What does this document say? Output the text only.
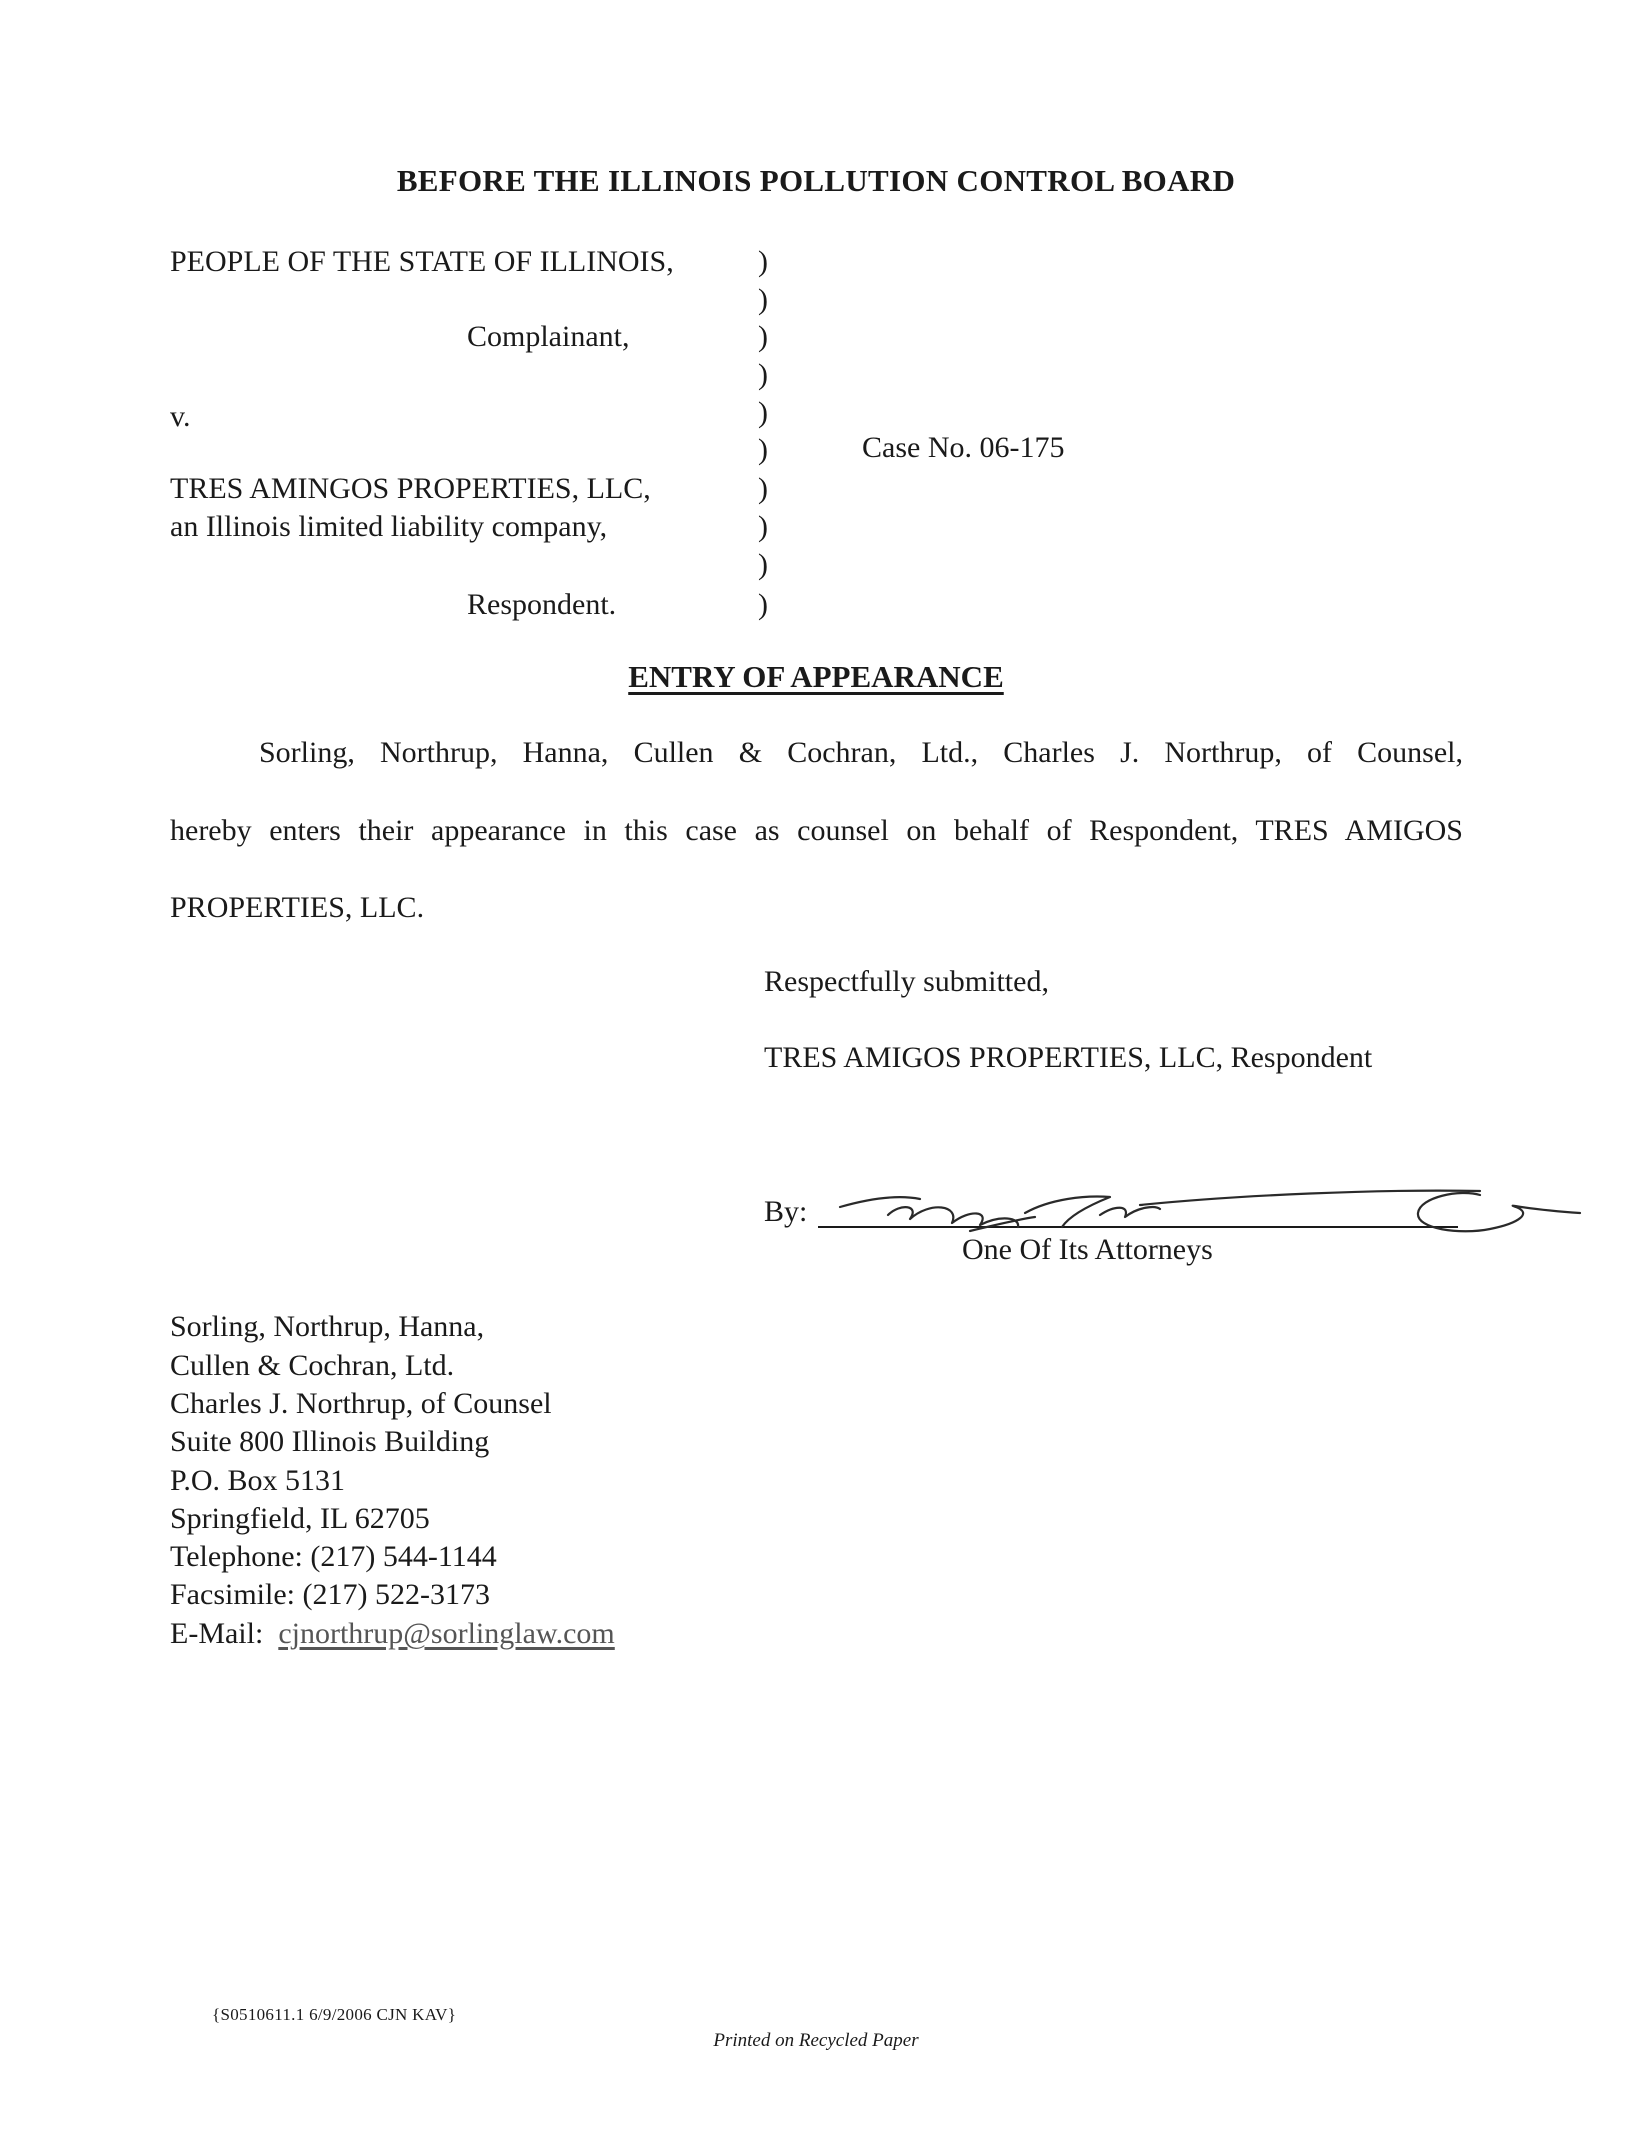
BEFORE THE ILLINOIS POLLUTION CONTROL BOARD
PEOPLE OF THE STATE OF ILLINOIS,
Complainant,
v.
TRES AMINGOS PROPERTIES, LLC,
an Illinois limited liability company,
Respondent.
)
)
)
)
)
)
)
)
)
)
Case No. 06-175
ENTRY OF APPEARANCE
Sorling, Northrup, Hanna, Cullen & Cochran, Ltd., Charles J. Northrup, of Counsel,
hereby enters their appearance in this case as counsel on behalf of Respondent, TRES AMIGOS
PROPERTIES, LLC.
Respectfully submitted,
TRES AMIGOS PROPERTIES, LLC, Respondent
By:
One Of Its Attorneys
Sorling, Northrup, Hanna,
Cullen & Cochran, Ltd.
Charles J. Northrup, of Counsel
Suite 800 Illinois Building
P.O. Box 5131
Springfield, IL 62705
Telephone: (217) 544-1144
Facsimile: (217) 522-3173
E-Mail: cjnorthrup@sorlinglaw.com
{S0510611.1 6/9/2006 CJN KAV}
Printed on Recycled Paper
